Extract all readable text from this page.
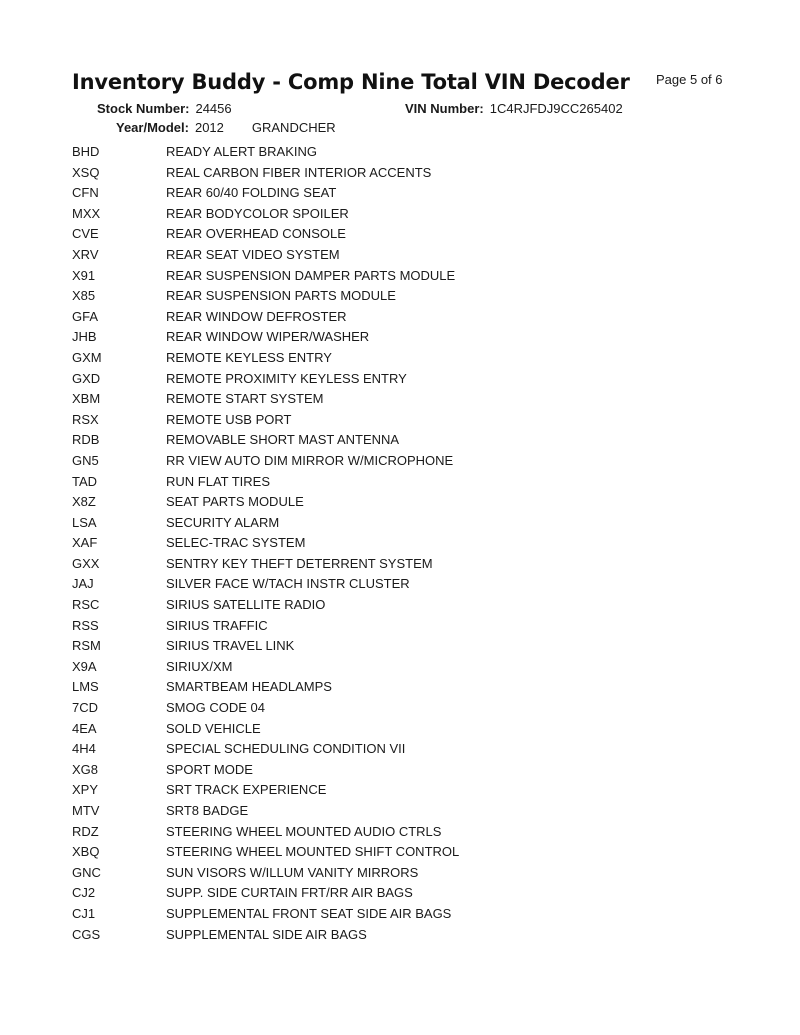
Inventory Buddy - Comp Nine Total VIN Decoder Page 5 of 6
Stock Number: 24456	VIN Number: 1C4RJFDJ9CC265402
Year/Model: 2012 GRANDCHER
BHD	READY ALERT BRAKING
XSQ	REAL CARBON FIBER INTERIOR ACCENTS
CFN	REAR 60/40 FOLDING SEAT
MXX	REAR BODYCOLOR SPOILER
CVE	REAR OVERHEAD CONSOLE
XRV	REAR SEAT VIDEO SYSTEM
X91	REAR SUSPENSION DAMPER PARTS MODULE
X85	REAR SUSPENSION PARTS MODULE
GFA	REAR WINDOW DEFROSTER
JHB	REAR WINDOW WIPER/WASHER
GXM	REMOTE KEYLESS ENTRY
GXD	REMOTE PROXIMITY KEYLESS ENTRY
XBM	REMOTE START SYSTEM
RSX	REMOTE USB PORT
RDB	REMOVABLE SHORT MAST ANTENNA
GN5	RR VIEW AUTO DIM MIRROR W/MICROPHONE
TAD	RUN FLAT TIRES
X8Z	SEAT PARTS MODULE
LSA	SECURITY ALARM
XAF	SELEC-TRAC SYSTEM
GXX	SENTRY KEY THEFT DETERRENT SYSTEM
JAJ	SILVER FACE W/TACH INSTR CLUSTER
RSC	SIRIUS SATELLITE RADIO
RSS	SIRIUS TRAFFIC
RSM	SIRIUS TRAVEL LINK
X9A	SIRIUX/XM
LMS	SMARTBEAM HEADLAMPS
7CD	SMOG CODE 04
4EA	SOLD VEHICLE
4H4	SPECIAL SCHEDULING CONDITION VII
XG8	SPORT MODE
XPY	SRT TRACK EXPERIENCE
MTV	SRT8 BADGE
RDZ	STEERING WHEEL MOUNTED AUDIO CTRLS
XBQ	STEERING WHEEL MOUNTED SHIFT CONTROL
GNC	SUN VISORS W/ILLUM VANITY MIRRORS
CJ2	SUPP. SIDE CURTAIN FRT/RR AIR BAGS
CJ1	SUPPLEMENTAL FRONT SEAT SIDE AIR BAGS
CGS	SUPPLEMENTAL SIDE AIR BAGS
